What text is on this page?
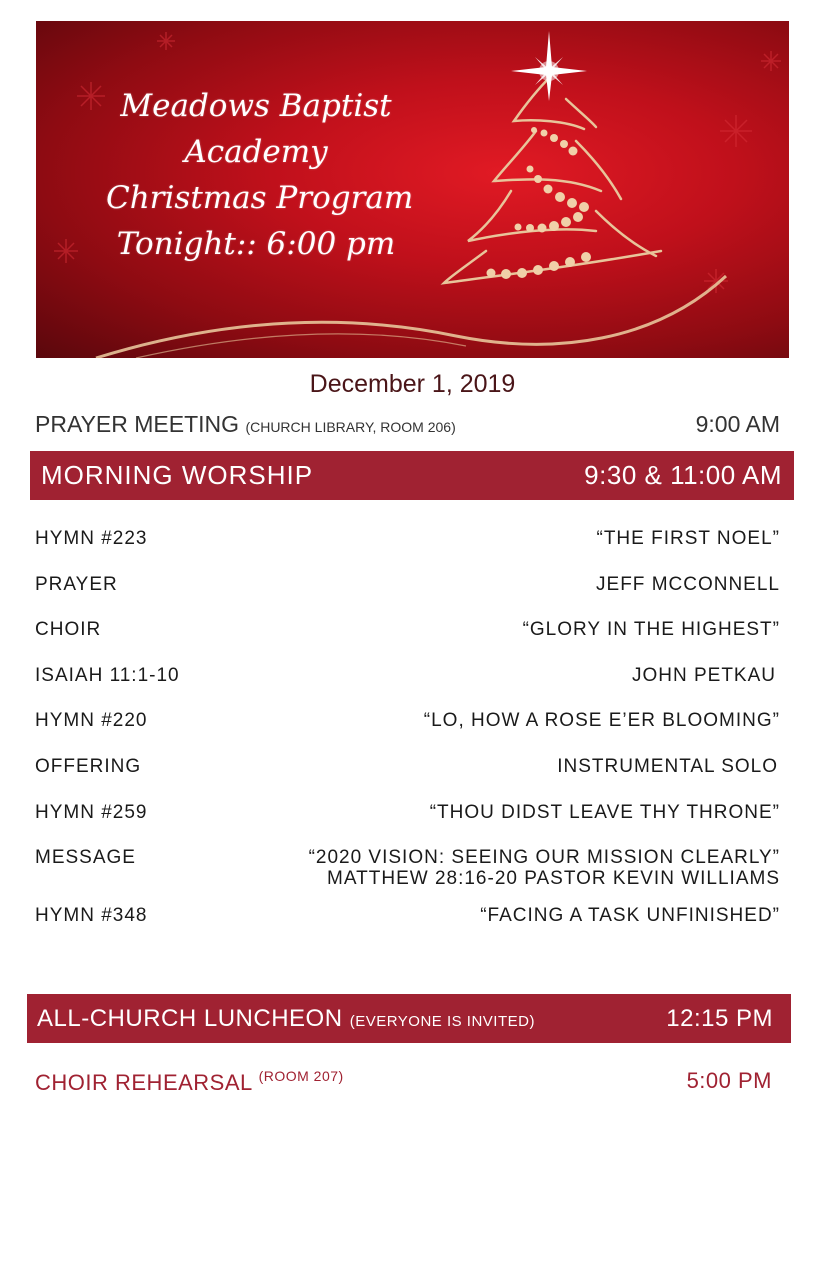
Meadows Baptist
Academy
Christmas Program
Tonight:: 6:00 pm
December 1, 2019
PRAYER MEETING (CHURCH LIBRARY, ROOM 206)	9:00 AM
MORNING WORSHIP	9:30 & 11:00 AM
HYMN #223	“THE FIRST NOEL”
PRAYER	JEFF MCCONNELL
CHOIR	“GLORY IN THE HIGHEST”
ISAIAH 11:1-10	JOHN PETKAU
HYMN #220	“LO, HOW A ROSE E’ER BLOOMING”
OFFERING	INSTRUMENTAL SOLO
HYMN #259	“THOU DIDST LEAVE THY THRONE”
MESSAGE	“2020 VISION: SEEING OUR MISSION CLEARLY”
MATTHEW 28:16-20 PASTOR KEVIN WILLIAMS
HYMN #348	“FACING A TASK UNFINISHED”
ALL-CHURCH LUNCHEON (EVERYONE IS INVITED)	12:15 PM
CHOIR REHEARSAL $^{(ROOM 207)}$	5:00 PM
